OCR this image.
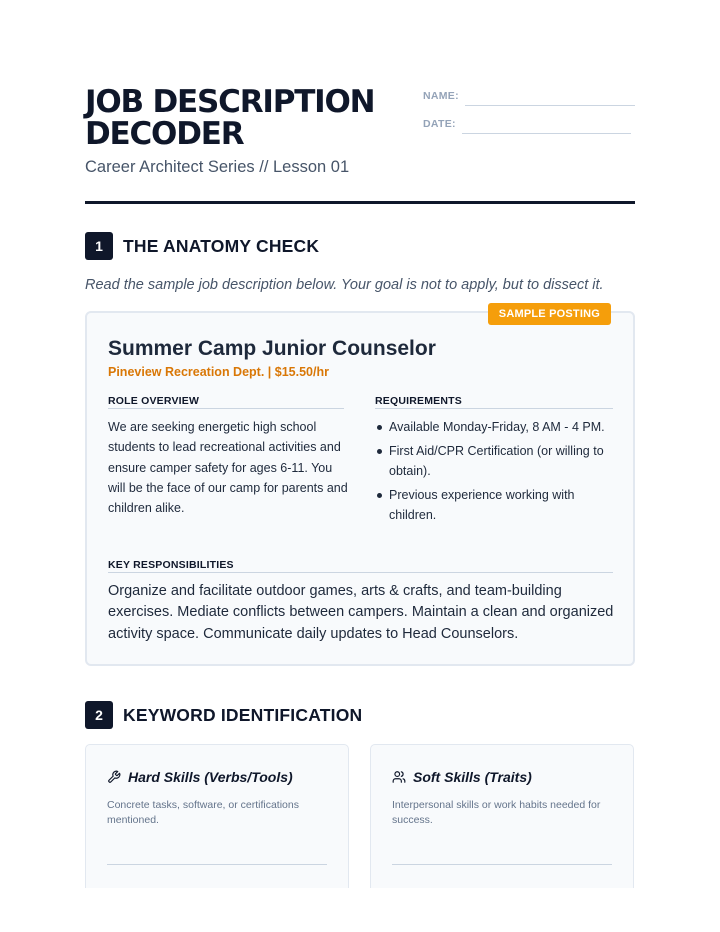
JOB DESCRIPTION DECODER
Career Architect Series // Lesson 01
NAME:
DATE:
1	THE ANATOMY CHECK
Read the sample job description below. Your goal is not to apply, but to dissect it.
SAMPLE POSTING
Summer Camp Junior Counselor
Pineview Recreation Dept. | $15.50/hr
ROLE OVERVIEW

We are seeking energetic high school students to lead recreational activities and ensure camper safety for ages 6-11. You will be the face of our camp for parents and children alike.

REQUIREMENTS
Available Monday-Friday, 8 AM - 4 PM.
First Aid/CPR Certification (or willing to obtain).
Previous experience working with children.
KEY RESPONSIBILITIES

Organize and facilitate outdoor games, arts & crafts, and team-building exercises. Mediate conflicts between campers. Maintain a clean and organized activity space. Communicate daily updates to Head Counselors.

2	KEYWORD IDENTIFICATION
Hard Skills (Verbs/Tools)

Concrete tasks, software, or certifications mentioned.

Soft Skills (Traits)

Interpersonal skills or work habits needed for success.
